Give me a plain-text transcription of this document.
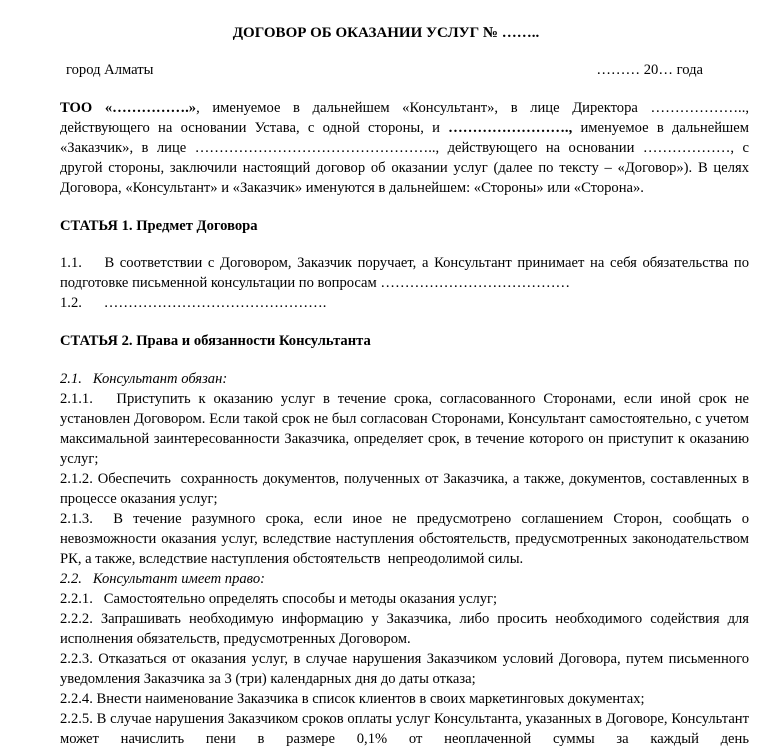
ДОГОВОР ОБ ОКАЗАНИИ УСЛУГ № ……..
город Алматы	……… 20… года

ТОО «…………….», именуемое в дальнейшем «Консультант», в лице Директора ……………….., действующего на основании Устава, с одной стороны, и ……………………., именуемое в дальнейшем «Заказчик», в лице ………………………………………….., действующего на основании ………………, с другой стороны, заключили настоящий договор об оказании услуг (далее по тексту – «Договор»). В целях Договора, «Консультант» и «Заказчик» именуются в дальнейшем: «Стороны» или «Сторона».

СТАТЬЯ 1. Предмет Договора

1.1.    В соответствии с Договором, Заказчик поручает, а Консультант принимает на себя обязательства по подготовке письменной консультации по вопросам …………………………………

1.2.      ……………………………………….

СТАТЬЯ 2. Права и обязанности Консультанта

2.1.   Консультант обязан:

2.1.1.   Приступить к оказанию услуг в течение срока, согласованного Сторонами, если иной срок не установлен Договором. Если такой срок не был согласован Сторонами, Консультант самостоятельно, с учетом максимальной заинтересованности Заказчика, определяет срок, в течение которого он приступит к оказанию услуг;

2.1.2. Обеспечить  сохранность документов, полученных от Заказчика, а также, документов, составленных в процессе оказания услуг;

2.1.3.  В течение разумного срока, если иное не предусмотрено соглашением Сторон, сообщать о невозможности оказания услуг, вследствие наступления обстоятельств, предусмотренных законодательством РК, а также, вследствие наступления обстоятельств  непреодолимой силы.

2.2.   Консультант имеет право:

2.2.1.   Самостоятельно определять способы и методы оказания услуг;

2.2.2. Запрашивать необходимую информацию у Заказчика, либо просить необходимого содействия для исполнения обязательств, предусмотренных Договором.

2.2.3. Отказаться от оказания услуг, в случае нарушения Заказчиком условий Договора, путем письменного уведомления Заказчика за 3 (три) календарных дня до даты отказа;

2.2.4. Внести наименование Заказчика в список клиентов в своих маркетинговых документах;

2.2.5. В случае нарушения Заказчиком сроков оплаты услуг Консультанта, указанных в Договоре, Консультант может начислить пени в размере 0,1% от неоплаченной суммы за каждый день
